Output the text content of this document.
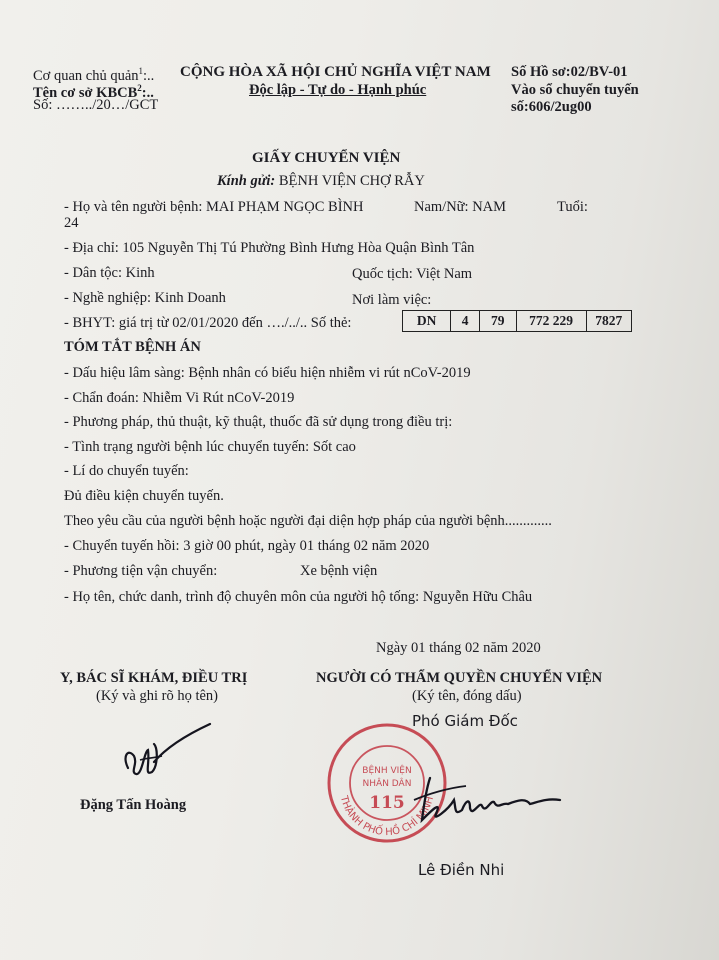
Cơ quan chủ quản$^1$:..
Tên cơ sở KBCB$^2$:..
Số: ……../20…/GCT
CỘNG HÒA XÃ HỘI CHỦ NGHĨA VIỆT NAM
Độc lập - Tự do - Hạnh phúc
Số Hồ sơ:02/BV-01
Vào sổ chuyển tuyến
số:606/2ug00
GIẤY CHUYỂN VIỆN
Kính gửi: BỆNH VIỆN CHỢ RẪY
- Họ và tên người bệnh: MAI PHẠM NGỌC BÌNH	Nam/Nữ: NAM	Tuổi:
24
- Địa chỉ: 105 Nguyễn Thị Tú Phường Bình Hưng Hòa Quận Bình Tân
- Dân tộc: Kinh	Quốc tịch: Việt Nam
- Nghề nghiệp: Kinh Doanh	Nơi làm việc:
- BHYT: giá trị từ 02/01/2020 đến …./../.. Số thẻ:	DN	4	79	772 229	7827
TÓM TẮT BỆNH ÁN
- Dấu hiệu lâm sàng: Bệnh nhân có biểu hiện nhiễm vi rút nCoV-2019
- Chẩn đoán: Nhiễm Vi Rút nCoV-2019
- Phương pháp, thủ thuật, kỹ thuật, thuốc đã sử dụng trong điều trị:
- Tình trạng người bệnh lúc chuyển tuyến: Sốt cao
- Lí do chuyển tuyến:
Đủ điều kiện chuyển tuyến.
Theo yêu cầu của người bệnh hoặc người đại diện hợp pháp của người bệnh.............
- Chuyển tuyến hồi: 3 giờ 00 phút, ngày 01 tháng 02 năm 2020
- Phương tiện vận chuyển:	Xe bệnh viện
- Họ tên, chức danh, trình độ chuyên môn của người hộ tống: Nguyễn Hữu Châu
Ngày 01 tháng 02 năm 2020
Y, BÁC SĨ KHÁM, ĐIỀU TRỊ
(Ký và ghi rõ họ tên)
NGƯỜI CÓ THẨM QUYỀN CHUYỂN VIỆN
(Ký tên, đóng dấu)
Phó Giám Đốc
Đặng Tấn Hoàng	THÀNH PHỐ HỒ CHÍ MINH
BỆNH VIỆN
NHÂN DÂN
115
Lê Điền Nhi
